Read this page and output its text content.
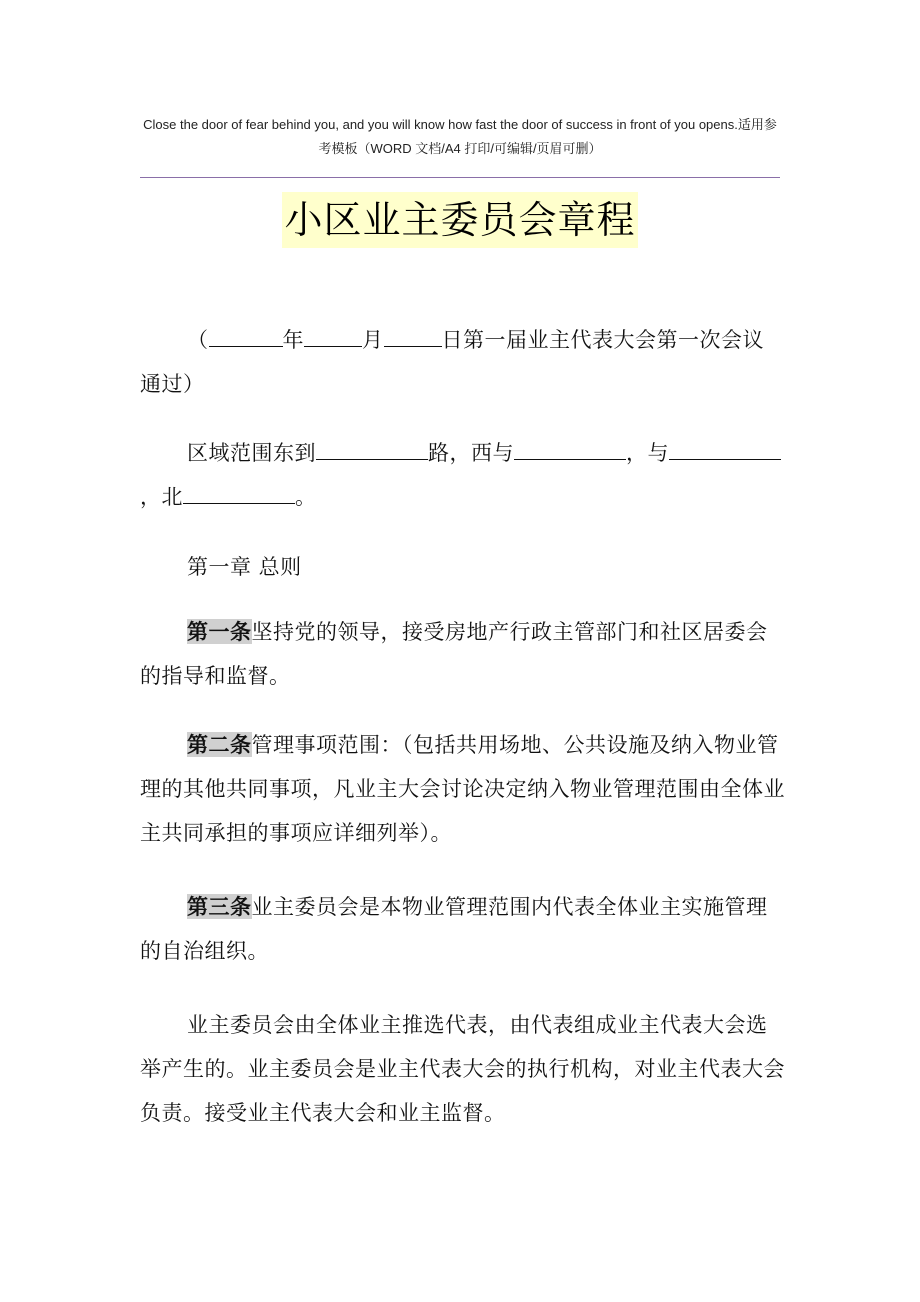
Close the door of fear behind you, and you will know how fast the door of success in front of you opens.适用参
考模板（WORD 文档/A4 打印/可编辑/页眉可删）
小区业主委员会章程

（	年	月	日第一届业主代表大会第一次会议通过）

区域范围东到	路，西与	，与，北	。

第一章 总则

第一条坚持党的领导，接受房地产行政主管部门和社区居委会的指导和监督。

第二条管理事项范围：（包括共用场地、公共设施及纳入物业管理的其他共同事项，凡业主大会讨论决定纳入物业管理范围由全体业主共同承担的事项应详细列举）。

第三条业主委员会是本物业管理范围内代表全体业主实施管理的自治组织。

业主委员会由全体业主推选代表，由代表组成业主代表大会选举产生的。业主委员会是业主代表大会的执行机构，对业主代表大会负责。接受业主代表大会和业主监督。
